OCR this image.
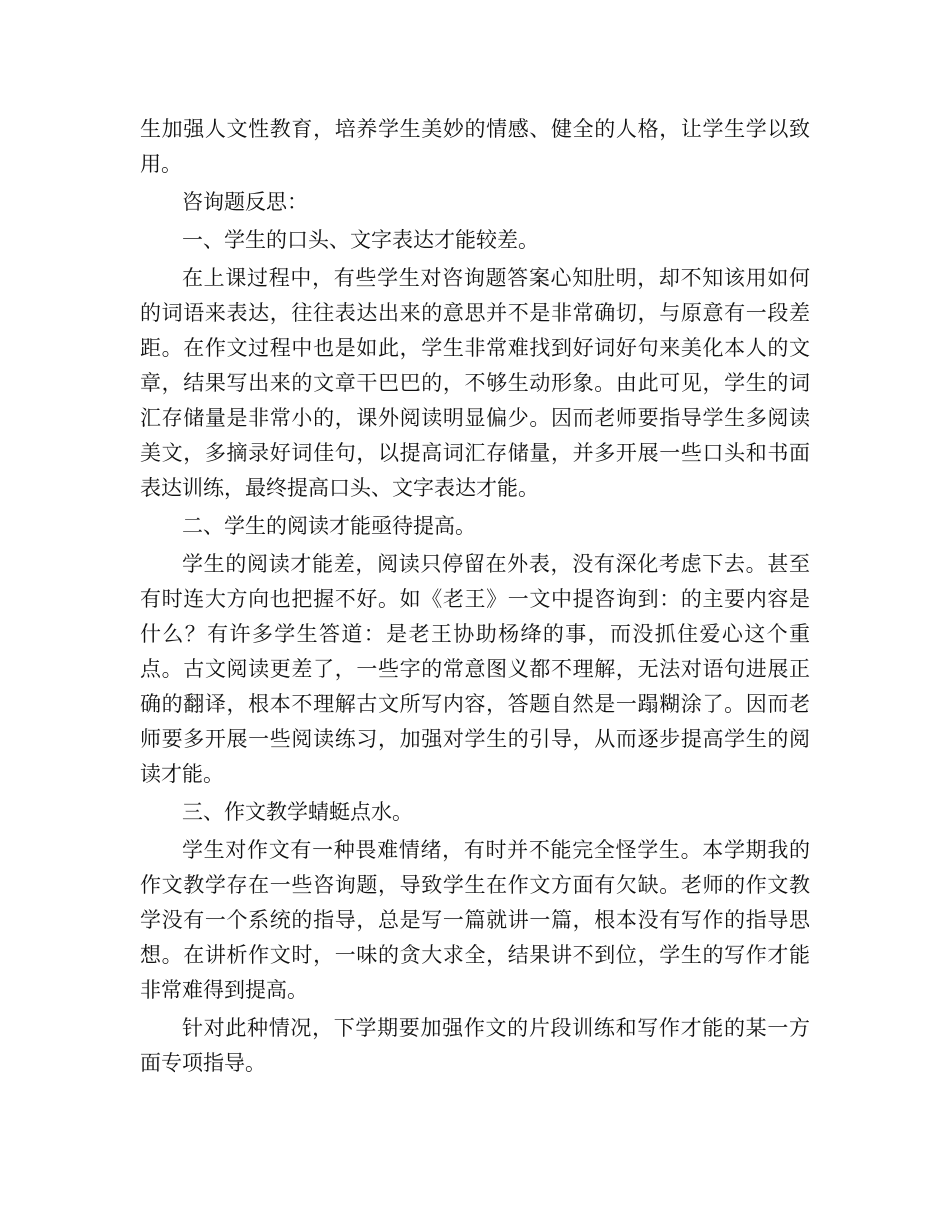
生加强人文性教育，培养学生美妙的情感、健全的人格，让学生学以致用。

咨询题反思：

一、学生的口头、文字表达才能较差。

在上课过程中，有些学生对咨询题答案心知肚明，却不知该用如何的词语来表达，往往表达出来的意思并不是非常确切，与原意有一段差距。在作文过程中也是如此，学生非常难找到好词好句来美化本人的文章，结果写出来的文章干巴巴的，不够生动形象。由此可见，学生的词汇存储量是非常小的，课外阅读明显偏少。因而老师要指导学生多阅读美文，多摘录好词佳句，以提高词汇存储量，并多开展一些口头和书面表达训练，最终提高口头、文字表达才能。

二、学生的阅读才能亟待提高。

学生的阅读才能差，阅读只停留在外表，没有深化考虑下去。甚至有时连大方向也把握不好。如《老王》一文中提咨询到：的主要内容是什么？有许多学生答道：是老王协助杨绛的事，而没抓住爱心这个重点。古文阅读更差了，一些字的常意图义都不理解，无法对语句进展正确的翻译，根本不理解古文所写内容，答题自然是一蹋糊涂了。因而老师要多开展一些阅读练习，加强对学生的引导，从而逐步提高学生的阅读才能。

三、作文教学蜻蜓点水。

学生对作文有一种畏难情绪，有时并不能完全怪学生。本学期我的作文教学存在一些咨询题，导致学生在作文方面有欠缺。老师的作文教学没有一个系统的指导，总是写一篇就讲一篇，根本没有写作的指导思想。在讲析作文时，一味的贪大求全，结果讲不到位，学生的写作才能非常难得到提高。

针对此种情况，下学期要加强作文的片段训练和写作才能的某一方面专项指导。
